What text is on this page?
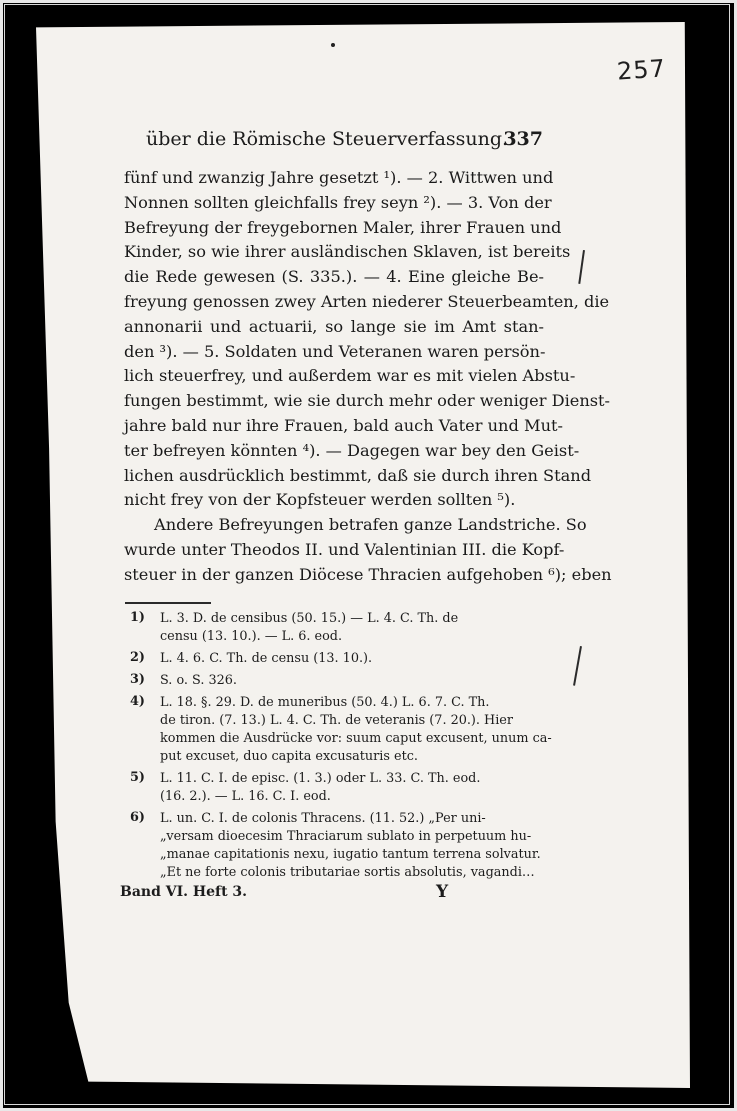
257
über die Römische Steuerverfassung.
337
fünf und zwanzig Jahre gesetzt ¹). — 2. Wittwen und
Nonnen sollten gleichfalls frey seyn ²). — 3. Von der
Befreyung der freygebornen Maler, ihrer Frauen und
Kinder, so wie ihrer ausländischen Sklaven, ist bereits
die Rede gewesen (S. 335.). — 4. Eine gleiche Be-
freyung genossen zwey Arten niederer Steuerbeamten, die
annonarii und actuarii, so lange sie im Amt stan-
den ³). — 5. Soldaten und Veteranen waren persön-
lich steuerfrey, und außerdem war es mit vielen Abstu-
fungen bestimmt, wie sie durch mehr oder weniger Dienst-
jahre bald nur ihre Frauen, bald auch Vater und Mut-
ter befreyen könnten ⁴). — Dagegen war bey den Geist-
lichen ausdrücklich bestimmt, daß sie durch ihren Stand
nicht frey von der Kopfsteuer werden sollten ⁵).
Andere Befreyungen betrafen ganze Landstriche. So
wurde unter Theodos II. und Valentinian III. die Kopf-
steuer in der ganzen Diöcese Thracien aufgehoben ⁶); eben
1)	L. 3. D. de censibus (50. 15.) — L. 4. C. Th. de
censu (13. 10.). — L. 6. eod.
2)	L. 4. 6. C. Th. de censu (13. 10.).
3)	S. o. S. 326.
4)	L. 18. §. 29. D. de muneribus (50. 4.) L. 6. 7. C. Th.
de tiron. (7. 13.) L. 4. C. Th. de veteranis (7. 20.). Hier
kommen die Ausdrücke vor: suum caput excusent, unum ca-
put excuset, duo capita excusaturis etc.
5)	L. 11. C. I. de episc. (1. 3.) oder L. 33. C. Th. eod.
(16. 2.). — L. 16. C. I. eod.
6)	L. un. C. I. de colonis Thracens. (11. 52.) „Per uni-
„versam dioecesim Thraciarum sublato in perpetuum hu-
„manae capitationis nexu, iugatio tantum terrena solvatur.
„Et ne forte colonis tributariae sortis absolutis, vagandi…
Band VI. Heft 3.	Y
